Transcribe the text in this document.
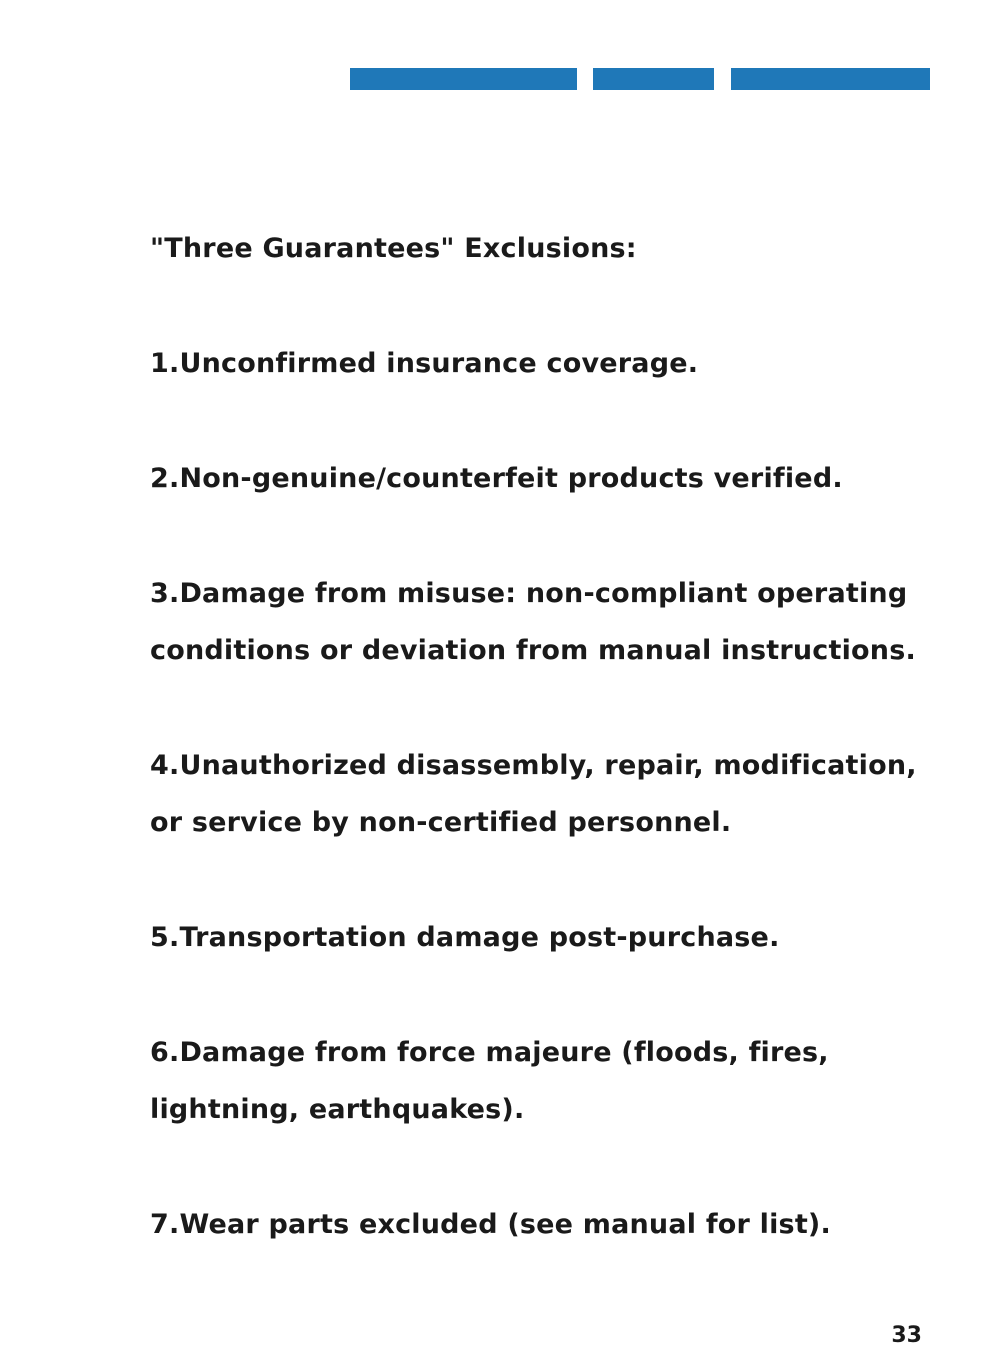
"Three Guarantees" Exclusions:
1.Unconfirmed insurance coverage.
2.Non-genuine/counterfeit products verified.
3.Damage from misuse: non-compliant operating
conditions or deviation from manual instructions.
4.Unauthorized disassembly, repair, modification,
or service by non-certified personnel.
5.Transportation damage post-purchase.
6.Damage from force majeure (floods, fires,
lightning, earthquakes).
7.Wear parts excluded (see manual for list).
33
